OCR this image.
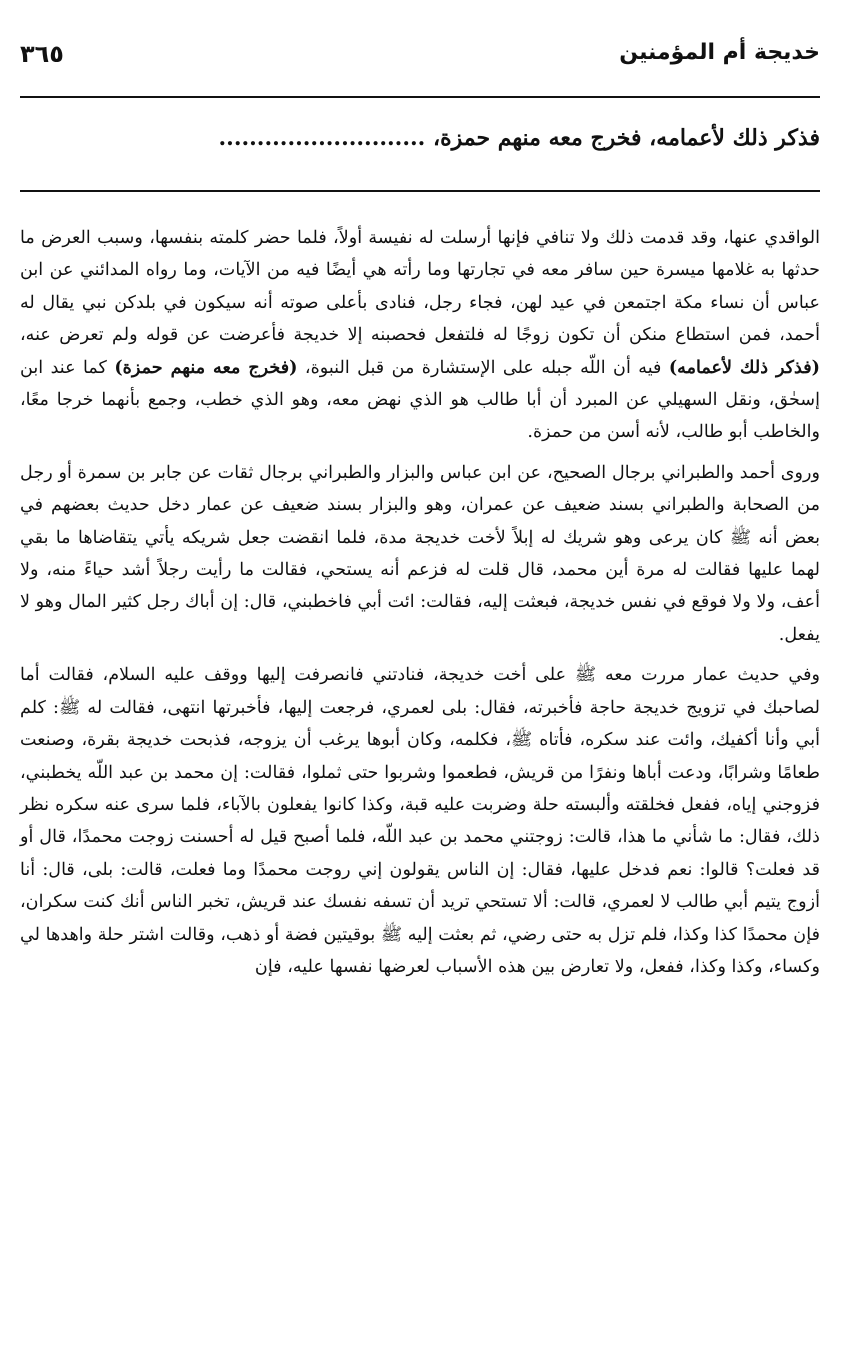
خديجة أم المؤمنين
٣٦٥
فذكر ذلك لأعمامه، فخرج معه منهم حمزة، ...........................

الواقدي عنها، وقد قدمت ذلك ولا تنافي فإنها أرسلت له نفيسة أولاً، فلما حضر كلمته بنفسها، وسبب العرض ما حدثها به غلامها ميسرة حين سافر معه في تجارتها وما رأته هي أيضًا فيه من الآيات، وما رواه المدائني عن ابن عباس أن نساء مكة اجتمعن في عيد لهن، فجاء رجل، فنادى بأعلى صوته أنه سيكون في بلدكن نبي يقال له أحمد، فمن استطاع منكن أن تكون زوجًا له فلتفعل فحصبنه إلا خديجة فأعرضت عن قوله ولم تعرض عنه، (فذكر ذلك لأعمامه) فيه أن اللّه جبله على الإستشارة من قبل النبوة، (فخرج معه منهم حمزة) كما عند ابن إسحٰق، ونقل السهيلي عن المبرد أن أبا طالب هو الذي نهض معه، وهو الذي خطب، وجمع بأنهما خرجا معًا، والخاطب أبو طالب، لأنه أسن من حمزة.

وروى أحمد والطبراني برجال الصحيح، عن ابن عباس والبزار والطبراني برجال ثقات عن جابر بن سمرة أو رجل من الصحابة والطبراني بسند ضعيف عن عمران، وهو والبزار بسند ضعيف عن عمار دخل حديث بعضهم في بعض أنه ﷺ كان يرعى وهو شريك له إبلاً لأخت خديجة مدة، فلما انقضت جعل شريكه يأتي يتقاضاها ما بقي لهما عليها فقالت له مرة أين محمد، قال قلت له فزعم أنه يستحي، فقالت ما رأيت رجلاً أشد حياءً منه، ولا أعف، ولا ولا فوقع في نفس خديجة، فبعثت إليه، فقالت: ائت أبي فاخطبني، قال: إن أباك رجل كثير المال وهو لا يفعل.

وفي حديث عمار مررت معه ﷺ على أخت خديجة، فنادتني فانصرفت إليها ووقف عليه السلام، فقالت أما لصاحبك في تزويج خديجة حاجة فأخبرته، فقال: بلى لعمري، فرجعت إليها، فأخبرتها انتهى، فقالت له ﷺ: كلم أبي وأنا أكفيك، وائت عند سكره، فأتاه ﷺ، فكلمه، وكان أبوها يرغب أن يزوجه، فذبحت خديجة بقرة، وصنعت طعامًا وشرابًا، ودعت أباها ونفرًا من قريش، فطعموا وشربوا حتى ثملوا، فقالت: إن محمد بن عبد اللّه يخطبني، فزوجني إياه، ففعل فخلقته وألبسته حلة وضربت عليه قبة، وكذا كانوا يفعلون بالآباء، فلما سرى عنه سكره نظر ذلك، فقال: ما شأني ما هذا، قالت: زوجتني محمد بن عبد اللّه، فلما أصبح قيل له أحسنت زوجت محمدًا، قال أو قد فعلت؟ قالوا: نعم فدخل عليها، فقال: إن الناس يقولون إني روجت محمدًا وما فعلت، قالت: بلى، قال: أنا أزوج يتيم أبي طالب لا لعمري، قالت: ألا تستحي تريد أن تسفه نفسك عند قريش، تخبر الناس أنك كنت سكران، فإن محمدًا كذا وكذا، فلم تزل به حتى رضي، ثم بعثت إليه ﷺ بوقيتين فضة أو ذهب، وقالت اشتر حلة واهدها لي وكساء، وكذا وكذا، ففعل، ولا تعارض بين هذه الأسباب لعرضها نفسها عليه، فإن
